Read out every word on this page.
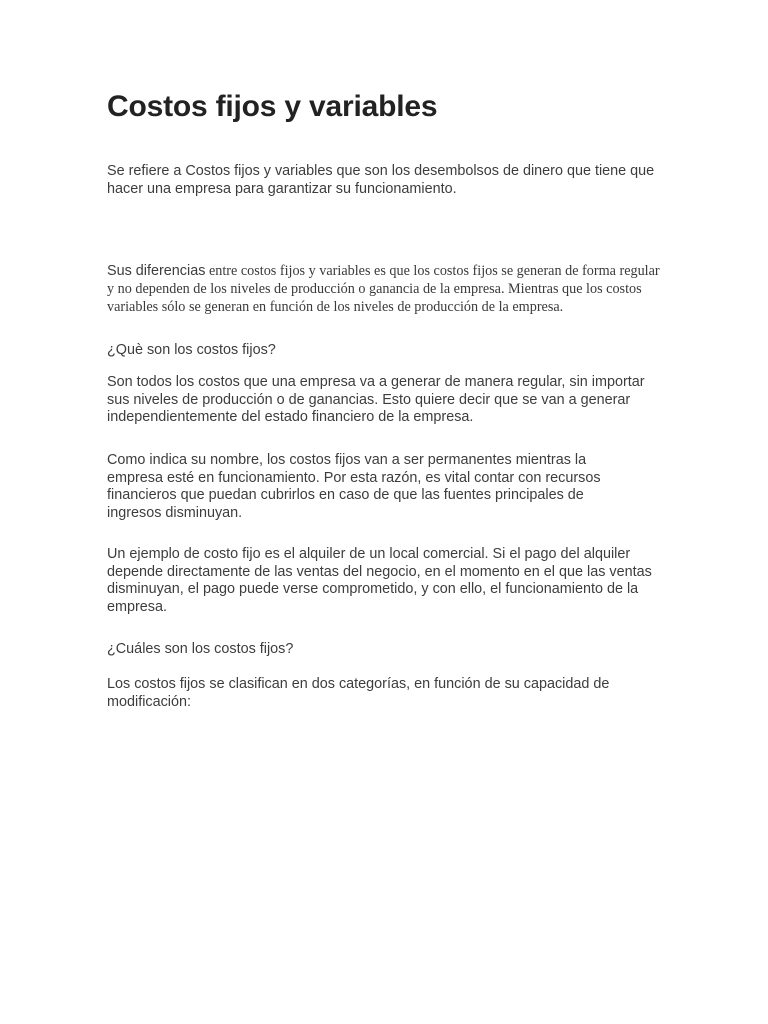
Costos fijos y variables

Se refiere a Costos fijos y variables que son los desembolsos de dinero que tiene que hacer una empresa para garantizar su funcionamiento.

Sus diferencias entre costos fijos y variables es que los costos fijos se generan de forma regular y no dependen de los niveles de producción o ganancia de la empresa. Mientras que los costos variables sólo se generan en función de los niveles de producción de la empresa.

¿Què son los costos fijos?

Son todos los costos que una empresa va a generar de manera regular, sin importar sus niveles de producción o de ganancias. Esto quiere decir que se van a generar independientemente del estado financiero de la empresa.

Como indica su nombre, los costos fijos van a ser permanentes mientras la empresa esté en funcionamiento. Por esta razón, es vital contar con recursos financieros que puedan cubrirlos en caso de que las fuentes principales de ingresos disminuyan.

Un ejemplo de costo fijo es el alquiler de un local comercial. Si el pago del alquiler depende directamente de las ventas del negocio, en el momento en el que las ventas disminuyan, el pago puede verse comprometido, y con ello, el funcionamiento de la empresa.

¿Cuáles son los costos fijos?

Los costos fijos se clasifican en dos categorías, en función de su capacidad de modificación:
